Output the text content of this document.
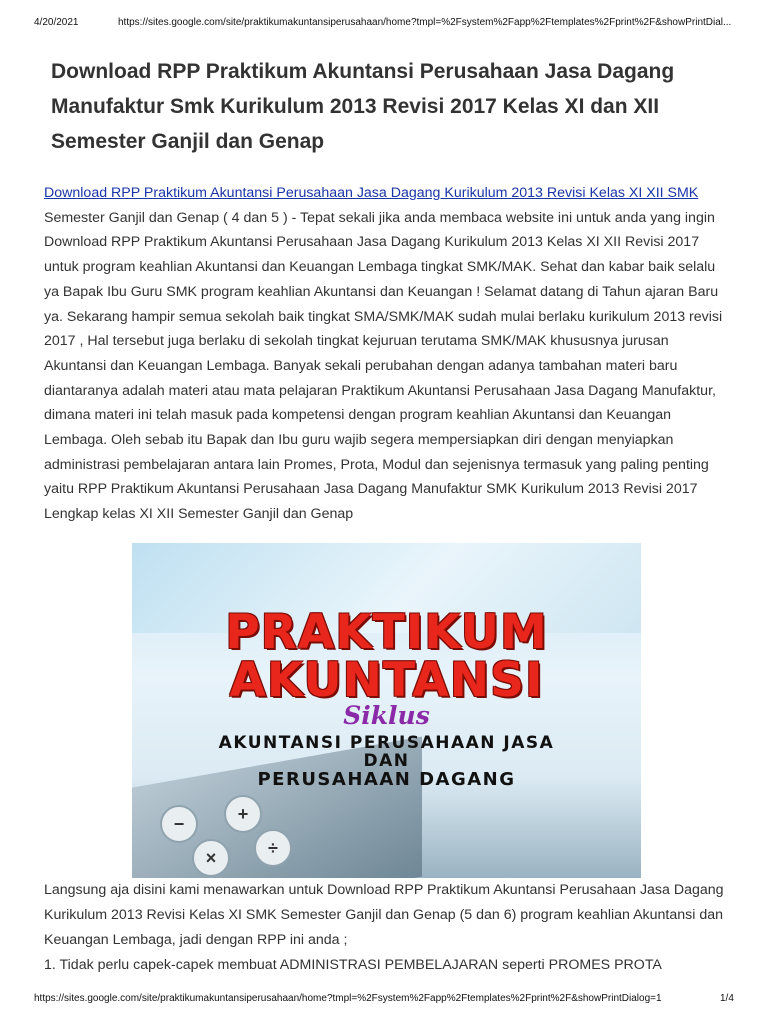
4/20/2021	https://sites.google.com/site/praktikumakuntansiperusahaan/home?tmpl=%2Fsystem%2Fapp%2Ftemplates%2Fprint%2F&showPrintDial...
Download RPP Praktikum Akuntansi Perusahaan Jasa Dagang Manufaktur Smk Kurikulum 2013 Revisi 2017 Kelas XI dan XII Semester Ganjil dan Genap
Download RPP Praktikum Akuntansi Perusahaan Jasa Dagang Kurikulum 2013 Revisi Kelas XI XII SMK Semester Ganjil dan Genap ( 4 dan 5 ) - Tepat sekali jika anda membaca website ini untuk anda yang ingin Download RPP Praktikum Akuntansi Perusahaan Jasa Dagang Kurikulum 2013 Kelas XI XII Revisi 2017 untuk program keahlian Akuntansi dan Keuangan Lembaga tingkat SMK/MAK. Sehat dan kabar baik selalu ya Bapak Ibu Guru SMK program keahlian Akuntansi dan Keuangan ! Selamat datang di Tahun ajaran Baru ya. Sekarang hampir semua sekolah baik tingkat SMA/SMK/MAK sudah mulai berlaku kurikulum 2013 revisi 2017 , Hal tersebut juga berlaku di sekolah tingkat kejuruan terutama SMK/MAK khususnya jurusan Akuntansi dan Keuangan Lembaga. Banyak sekali perubahan dengan adanya tambahan materi baru diantaranya adalah materi atau mata pelajaran Praktikum Akuntansi Perusahaan Jasa Dagang Manufaktur, dimana materi ini telah masuk pada kompetensi dengan program keahlian Akuntansi dan Keuangan Lembaga. Oleh sebab itu Bapak dan Ibu guru wajib segera mempersiapkan diri dengan menyiapkan administrasi pembelajaran antara lain Promes, Prota, Modul dan sejenisnya termasuk yang paling penting yaitu RPP Praktikum Akuntansi Perusahaan Jasa Dagang Manufaktur SMK Kurikulum 2013 Revisi 2017 Lengkap kelas XI XII Semester Ganjil dan Genap
−	+
×	÷
PRAKTIKUM
AKUNTANSI
Siklus
AKUNTANSI PERUSAHAAN JASA
DAN
PERUSAHAAN DAGANG
Langsung aja disini kami menawarkan untuk Download RPP Praktikum Akuntansi Perusahaan Jasa Dagang Kurikulum 2013 Revisi Kelas XI SMK Semester Ganjil dan Genap (5 dan 6) program keahlian Akuntansi dan Keuangan Lembaga, jadi dengan RPP ini anda ;
1. Tidak perlu capek-capek membuat ADMINISTRASI PEMBELAJARAN seperti PROMES PROTA
https://sites.google.com/site/praktikumakuntansiperusahaan/home?tmpl=%2Fsystem%2Fapp%2Ftemplates%2Fprint%2F&showPrintDialog=1	1/4
